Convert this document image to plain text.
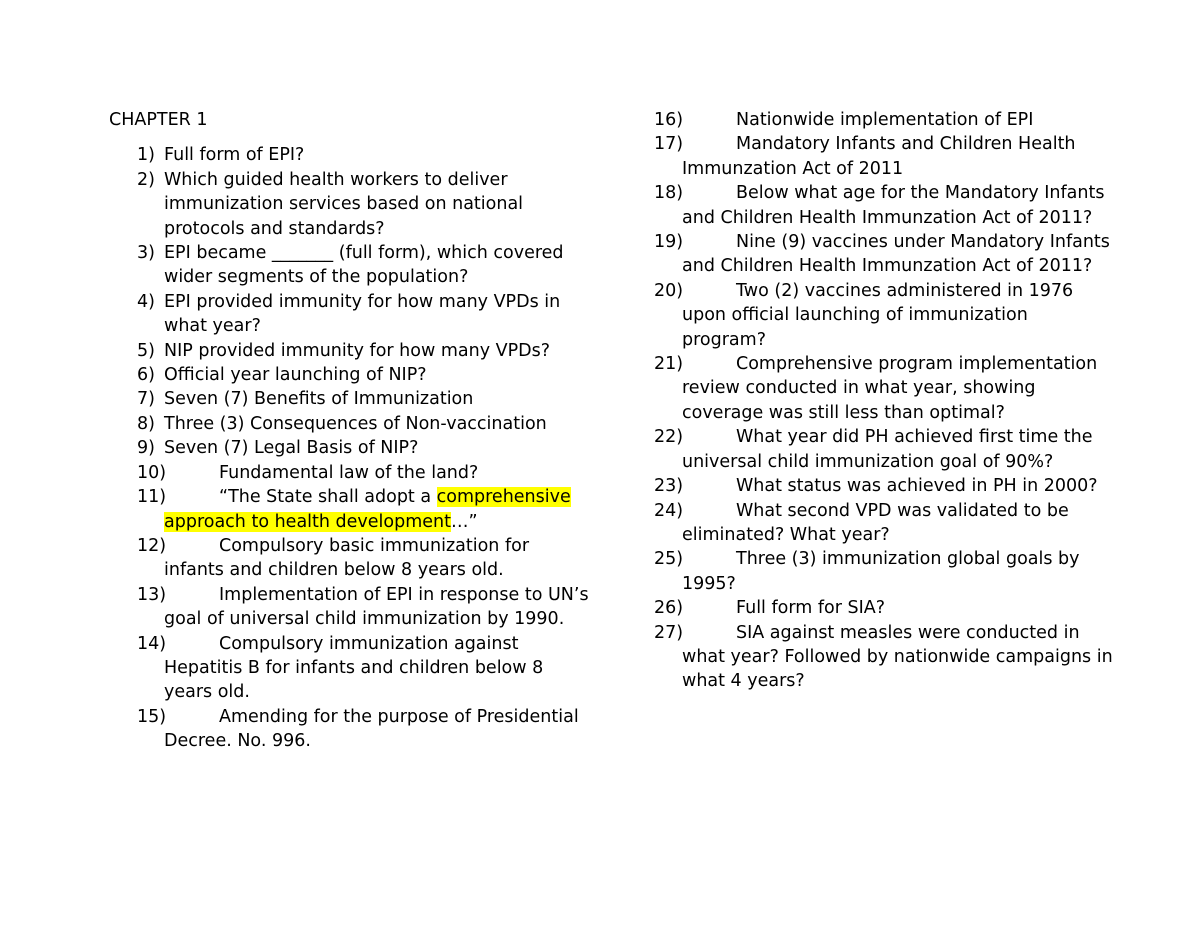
CHAPTER 1
1) Full form of EPI?
2) Which guided health workers to deliver immunization services based on national protocols and standards?
3) EPI became _______ (full form), which covered wider segments of the population?
4) EPI provided immunity for how many VPDs in what year?
5) NIP provided immunity for how many VPDs?
6) Official year launching of NIP?
7) Seven (7) Benefits of Immunization
8) Three (3) Consequences of Non-vaccination
9) Seven (7) Legal Basis of NIP?
10)	Fundamental law of the land?
11)	“The State shall adopt a comprehensive approach to health development…”
12)	Compulsory basic immunization for infants and children below 8 years old.
13)	Implementation of EPI in response to UN’s goal of universal child immunization by 1990.
14)	Compulsory immunization against Hepatitis B for infants and children below 8 years old.
15)	Amending for the purpose of Presidential Decree. No. 996.
16)	Nationwide implementation of EPI
17)	Mandatory Infants and Children Health Immunzation Act of 2011
18)	Below what age for the Mandatory Infants and Children Health Immunzation Act of 2011?
19)	Nine (9) vaccines under Mandatory Infants and Children Health Immunzation Act of 2011?
20)	Two (2) vaccines administered in 1976 upon official launching of immunization program?
21)	Comprehensive program implementation review conducted in what year, showing coverage was still less than optimal?
22)	What year did PH achieved first time the universal child immunization goal of 90%?
23)	What status was achieved in PH in 2000?
24)	What second VPD was validated to be eliminated? What year?
25)	Three (3) immunization global goals by 1995?
26)	Full form for SIA?
27)	SIA against measles were conducted in what year? Followed by nationwide campaigns in what 4 years?
